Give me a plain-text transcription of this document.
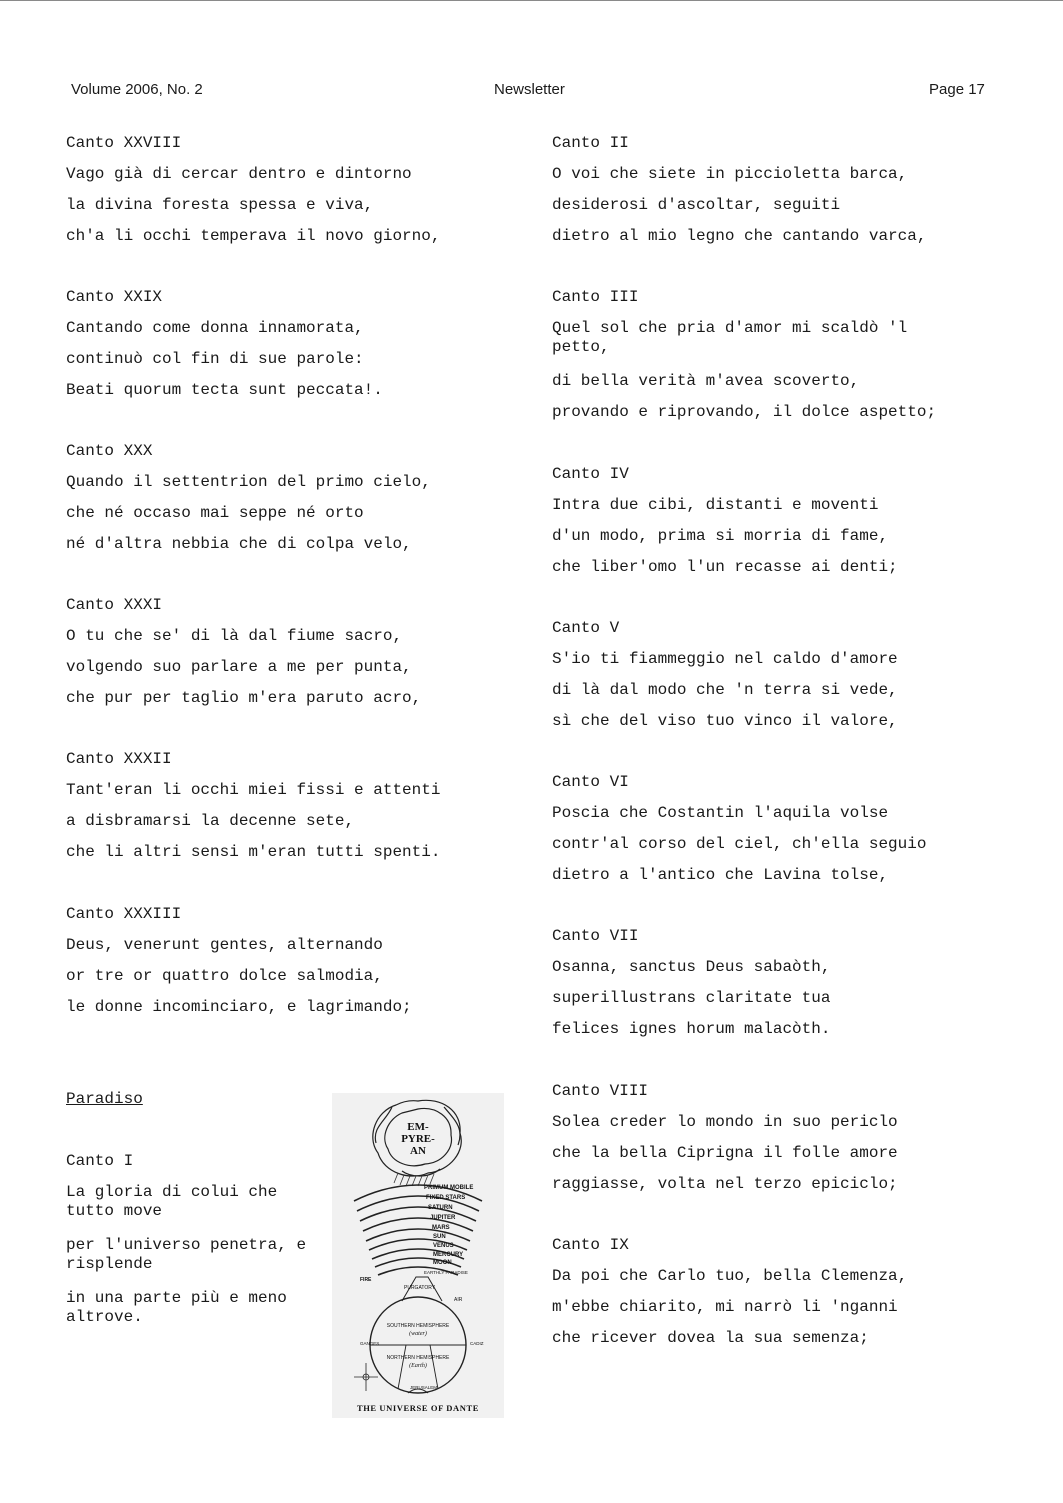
Volume 2006, No. 2	Newsletter	Page 17
Canto XXVIII
Vago già di cercar dentro e dintorno
la divina foresta spessa e viva,
ch'a li occhi temperava il novo giorno,
Canto XXIX
Cantando come donna innamorata,
continuò col fin di sue parole:
Beati quorum tecta sunt peccata!.
Canto XXX
Quando il settentrion del primo cielo,
che né occaso mai seppe né orto
né d'altra nebbia che di colpa velo,
Canto XXXI
O tu che se' di là dal fiume sacro,
volgendo suo parlare a me per punta,
che pur per taglio m'era paruto acro,
Canto XXXII
Tant'eran li occhi miei fissi e attenti
a disbramarsi la decenne sete,
che li altri sensi m'eran tutti spenti.
Canto XXXIII
Deus, venerunt gentes, alternando
or tre or quattro dolce salmodia,
le donne incominciaro, e lagrimando;
Paradiso
Canto I
La gloria di colui che tutto move
per l'universo penetra, e risplende
in una parte più e meno altrove.
EM-
PYRE-
AN
PRIMUM MOBILE
FIXED STARS
SATURN
JUPITER
MARS
SUN
VENUS
MERCURY
MOON
EARTHLY PARADISE
PURGATORY
FIRE
AIR
SOUTHERN HEMISPHERE
(water)
NORTHERN HEMISPHERE
(Earth)
GANGES	CADIZ
JERUSALEM
THE UNIVERSE OF DANTE
Canto II
O voi che siete in piccioletta barca,
desiderosi d'ascoltar, seguiti
dietro al mio legno che cantando varca,
Canto III
Quel sol che pria d'amor mi scaldò 'l petto,
di bella verità m'avea scoverto,
provando e riprovando, il dolce aspetto;
Canto IV
Intra due cibi, distanti e moventi
d'un modo, prima si morria di fame,
che liber'omo l'un recasse ai denti;
Canto V
S'io ti fiammeggio nel caldo d'amore
di là dal modo che 'n terra si vede,
sì che del viso tuo vinco il valore,
Canto VI
Poscia che Costantin l'aquila volse
contr'al corso del ciel, ch'ella seguio
dietro a l'antico che Lavina tolse,
Canto VII
Osanna, sanctus Deus sabaòth,
superillustrans claritate tua
felices ignes horum malacòth.
Canto VIII
Solea creder lo mondo in suo periclo
che la bella Ciprigna il folle amore
raggiasse, volta nel terzo epiciclo;
Canto IX
Da poi che Carlo tuo, bella Clemenza,
m'ebbe chiarito, mi narrò li 'nganni
che ricever dovea la sua semenza;
